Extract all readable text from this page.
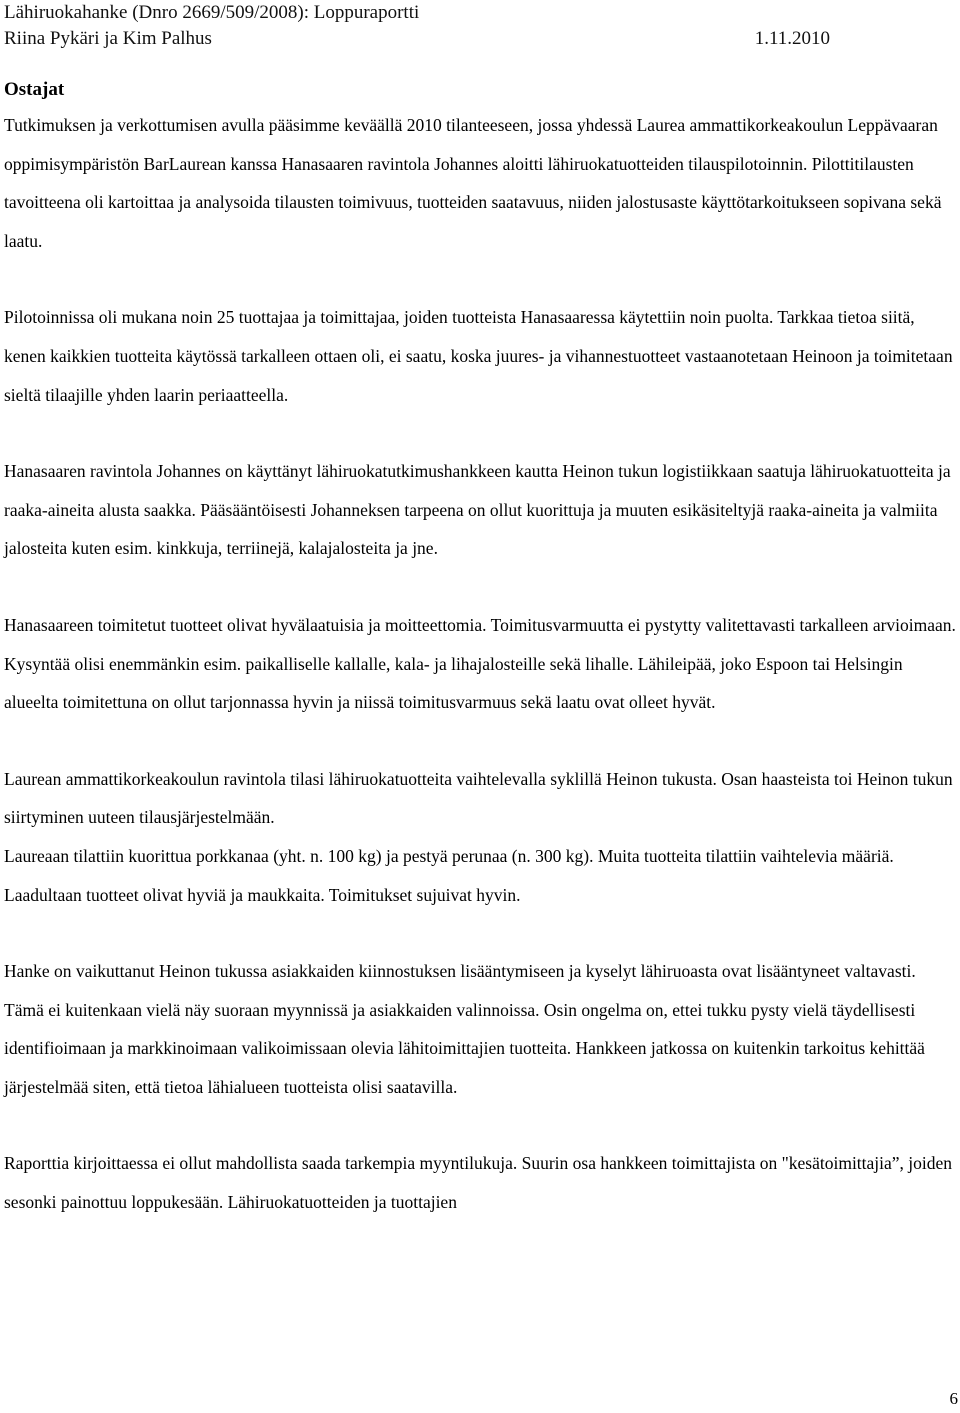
Lähiruokahanke (Dnro 2669/509/2008): Loppuraportti
Riina Pykäri ja Kim Palhus	1.11.2010
Ostajat

Tutkimuksen ja verkottumisen avulla pääsimme keväällä 2010 tilanteeseen, jossa yhdessä Laurea ammattikorkeakoulun Leppävaaran oppimisympäristön BarLaurean kanssa Hanasaaren ravintola Johannes aloitti lähiruokatuotteiden tilauspilotoinnin. Pilottitilausten tavoitteena oli kartoittaa ja analysoida tilausten toimivuus, tuotteiden saatavuus, niiden jalostusaste käyttötarkoitukseen sopivana sekä laatu.

Pilotoinnissa oli mukana noin 25 tuottajaa ja toimittajaa, joiden tuotteista Hanasaaressa käytettiin noin puolta. Tarkkaa tietoa siitä, kenen kaikkien tuotteita käytössä tarkalleen ottaen oli, ei saatu, koska juures- ja vihannestuotteet vastaanotetaan Heinoon ja toimitetaan sieltä tilaajille yhden laarin periaatteella.

Hanasaaren ravintola Johannes on käyttänyt lähiruokatutkimushankkeen kautta Heinon tukun logistiikkaan saatuja lähiruokatuotteita ja raaka-aineita alusta saakka. Pääsääntöisesti Johanneksen tarpeena on ollut kuorittuja ja muuten esikäsiteltyjä raaka-aineita ja valmiita jalosteita kuten esim. kinkkuja, terriinejä, kalajalosteita ja jne.

Hanasaareen toimitetut tuotteet olivat hyvälaatuisia ja moitteettomia. Toimitusvarmuutta ei pystytty valitettavasti tarkalleen arvioimaan. Kysyntää olisi enemmänkin esim. paikalliselle kallalle, kala- ja lihajalosteille sekä lihalle. Lähileipää, joko Espoon tai Helsingin alueelta toimitettuna on ollut tarjonnassa hyvin ja niissä toimitusvarmuus sekä laatu ovat olleet hyvät.

Laurean ammattikorkeakoulun ravintola tilasi lähiruokatuotteita vaihtelevalla syklillä Heinon tukusta. Osan haasteista toi Heinon tukun siirtyminen uuteen tilausjärjestelmään.

Laureaan tilattiin kuorittua porkkanaa (yht. n. 100 kg) ja pestyä perunaa (n. 300 kg). Muita tuotteita tilattiin vaihtelevia määriä. Laadultaan tuotteet olivat hyviä ja maukkaita. Toimitukset sujuivat hyvin.

Hanke on vaikuttanut Heinon tukussa asiakkaiden kiinnostuksen lisääntymiseen ja kyselyt lähiruoasta ovat lisääntyneet valtavasti. Tämä ei kuitenkaan vielä näy suoraan myynnissä ja asiakkaiden valinnoissa. Osin ongelma on, ettei tukku pysty vielä täydellisesti identifioimaan ja markkinoimaan valikoimissaan olevia lähitoimittajien tuotteita. Hankkeen jatkossa on kuitenkin tarkoitus kehittää järjestelmää siten, että tietoa lähialueen tuotteista olisi saatavilla.

Raporttia kirjoittaessa ei ollut mahdollista saada tarkempia myyntilukuja. Suurin osa hankkeen toimittajista on "kesätoimittajia”, joiden sesonki painottuu loppukesään. Lähiruokatuotteiden ja tuottajien

6
